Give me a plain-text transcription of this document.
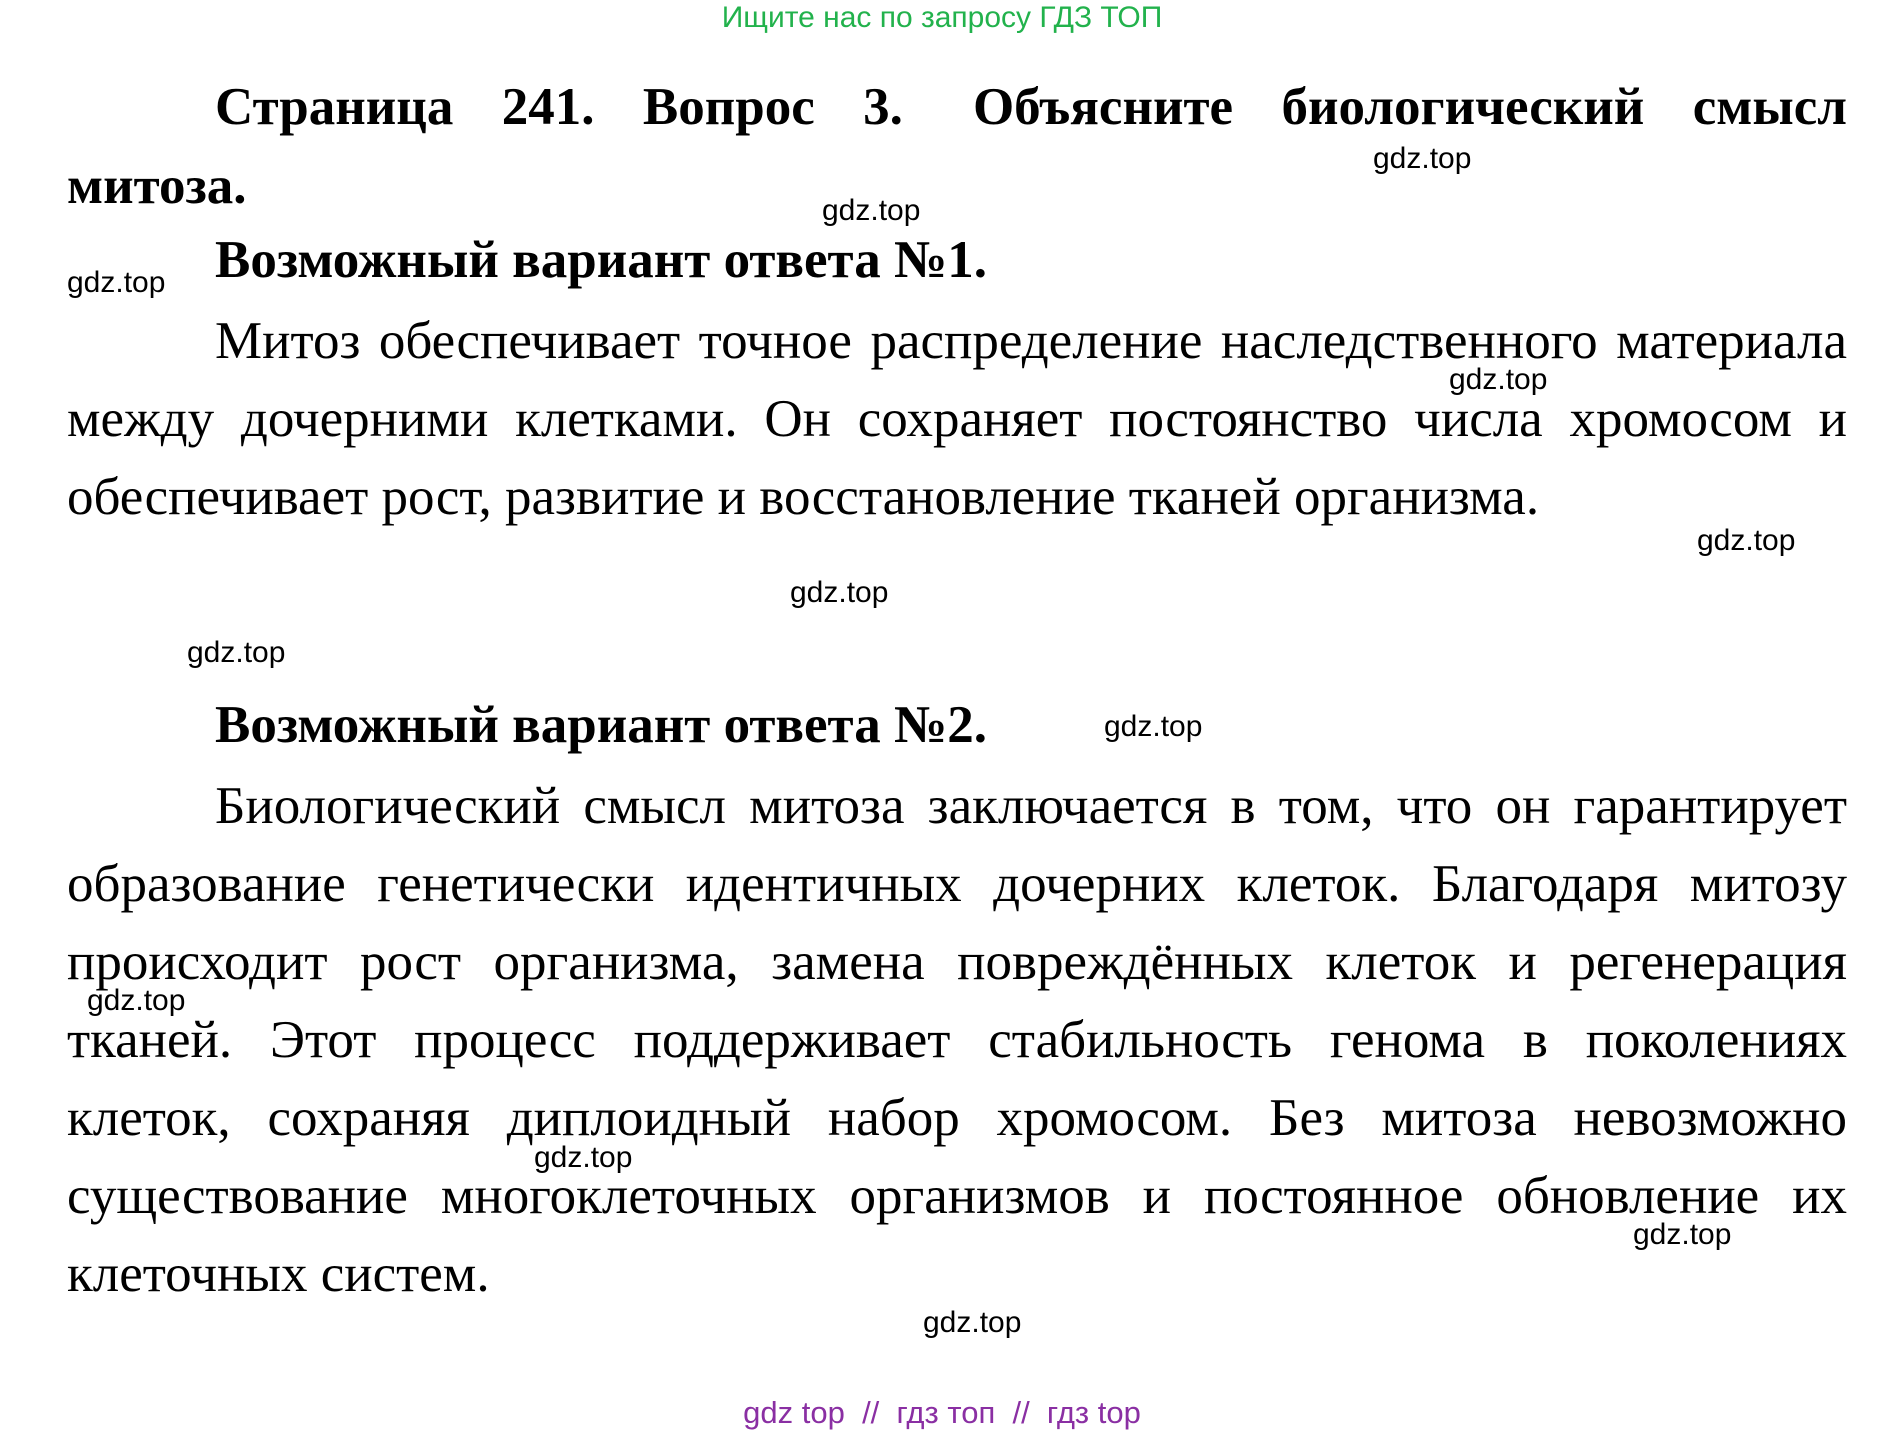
Ищите нас по запросу ГДЗ ТОП
Страница 241. Вопрос 3. Объясните биологический смысл митоза.
Возможный вариант ответа №1.
Митоз обеспечивает точное распределение наследственного материала между дочерними клетками. Он сохраняет постоянство числа хромосом и обеспечивает рост, развитие и восстановление тканей организма.
Возможный вариант ответа №2.
Биологический смысл митоза заключается в том, что он гарантирует образование генетически идентичных дочерних клеток. Благодаря митозу происходит рост организма, замена повреждённых клеток и регенерация тканей. Этот процесс поддерживает стабильность генома в поколениях клеток, сохраняя диплоидный набор хромосом. Без митоза невозможно существование многоклеточных организмов и постоянное обновление их клеточных систем.
gdz.top
gdz.top
gdz.top
gdz.top
gdz.top
gdz.top
gdz.top
gdz.top
gdz.top
gdz.top
gdz.top
gdz.top
gdz top  //  гдз топ  //  гдз top
